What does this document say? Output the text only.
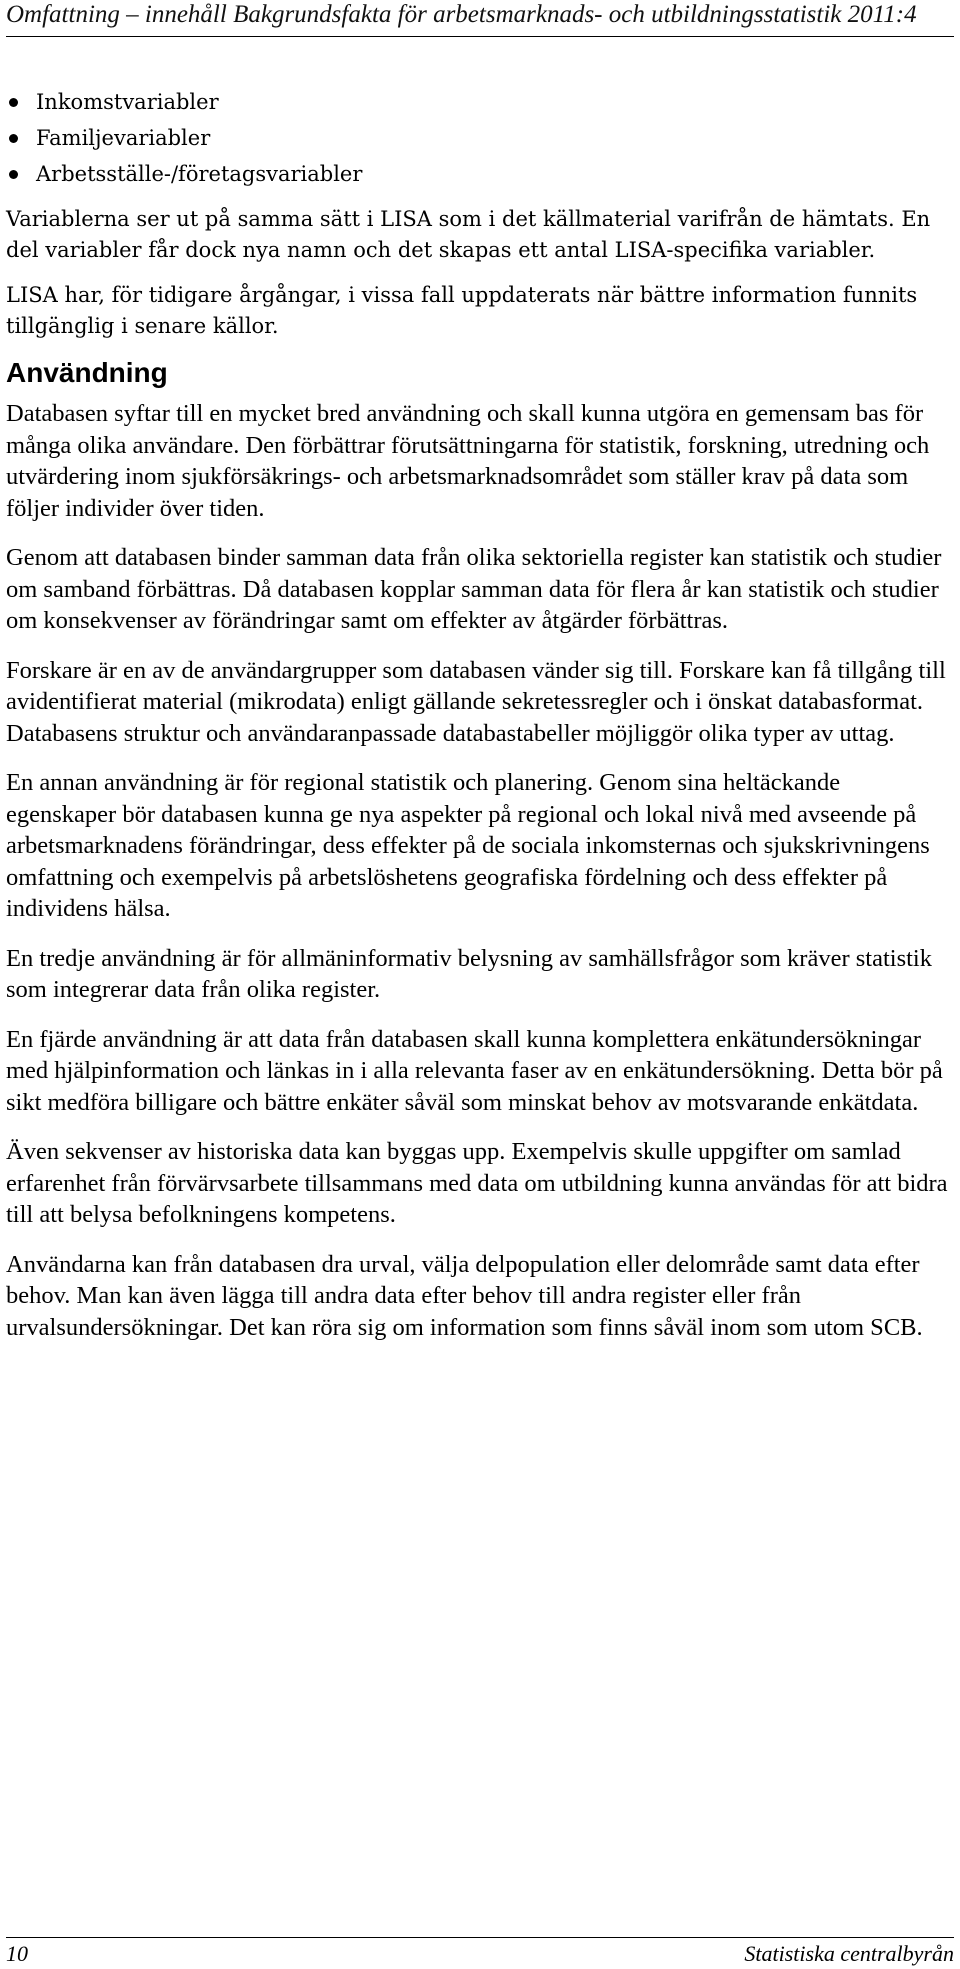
Omfattning – innehåll Bakgrundsfakta för arbetsmarknads- och utbildningsstatistik 2011:4
Inkomstvariabler
Familjevariabler
Arbetsställe-/företagsvariabler

Variablerna ser ut på samma sätt i LISA som i det källmaterial varifrån de hämtats. En del variabler får dock nya namn och det skapas ett antal LISA-specifika variabler.

LISA har, för tidigare årgångar, i vissa fall uppdaterats när bättre information funnits tillgänglig i senare källor.

Användning

Databasen syftar till en mycket bred användning och skall kunna utgöra en gemensam bas för många olika användare. Den förbättrar förutsättningarna för statistik, forskning, utredning och utvärdering inom sjukförsäkrings- och arbetsmarknadsområdet som ställer krav på data som följer individer över tiden.

Genom att databasen binder samman data från olika sektoriella register kan statistik och studier om samband förbättras. Då databasen kopplar samman data för flera år kan statistik och studier om konsekvenser av förändringar samt om effekter av åtgärder förbättras.

Forskare är en av de användargrupper som databasen vänder sig till. Forskare kan få tillgång till avidentifierat material (mikrodata) enligt gällande sekretessregler och i önskat databasformat. Databasens struktur och användaranpassade databastabeller möjliggör olika typer av uttag.

En annan användning är för regional statistik och planering. Genom sina heltäckande egenskaper bör databasen kunna ge nya aspekter på regional och lokal nivå med avseende på arbetsmarknadens förändringar, dess effekter på de sociala inkomsternas och sjukskrivningens omfattning och exempelvis på arbetslöshetens geografiska fördelning och dess effekter på individens hälsa.

En tredje användning är för allmäninformativ belysning av samhällsfrågor som kräver statistik som integrerar data från olika register.

En fjärde användning är att data från databasen skall kunna komplettera enkätundersökningar med hjälpinformation och länkas in i alla relevanta faser av en enkätundersökning. Detta bör på sikt medföra billigare och bättre enkäter såväl som minskat behov av motsvarande enkätdata.

Även sekvenser av historiska data kan byggas upp. Exempelvis skulle uppgifter om samlad erfarenhet från förvärvsarbete tillsammans med data om utbildning kunna användas för att bidra till att belysa befolkningens kompetens.

Användarna kan från databasen dra urval, välja delpopulation eller delområde samt data efter behov. Man kan även lägga till andra data efter behov till andra register eller från urvalsundersökningar. Det kan röra sig om information som finns såväl inom som utom SCB.

10	Statistiska centralbyrån
